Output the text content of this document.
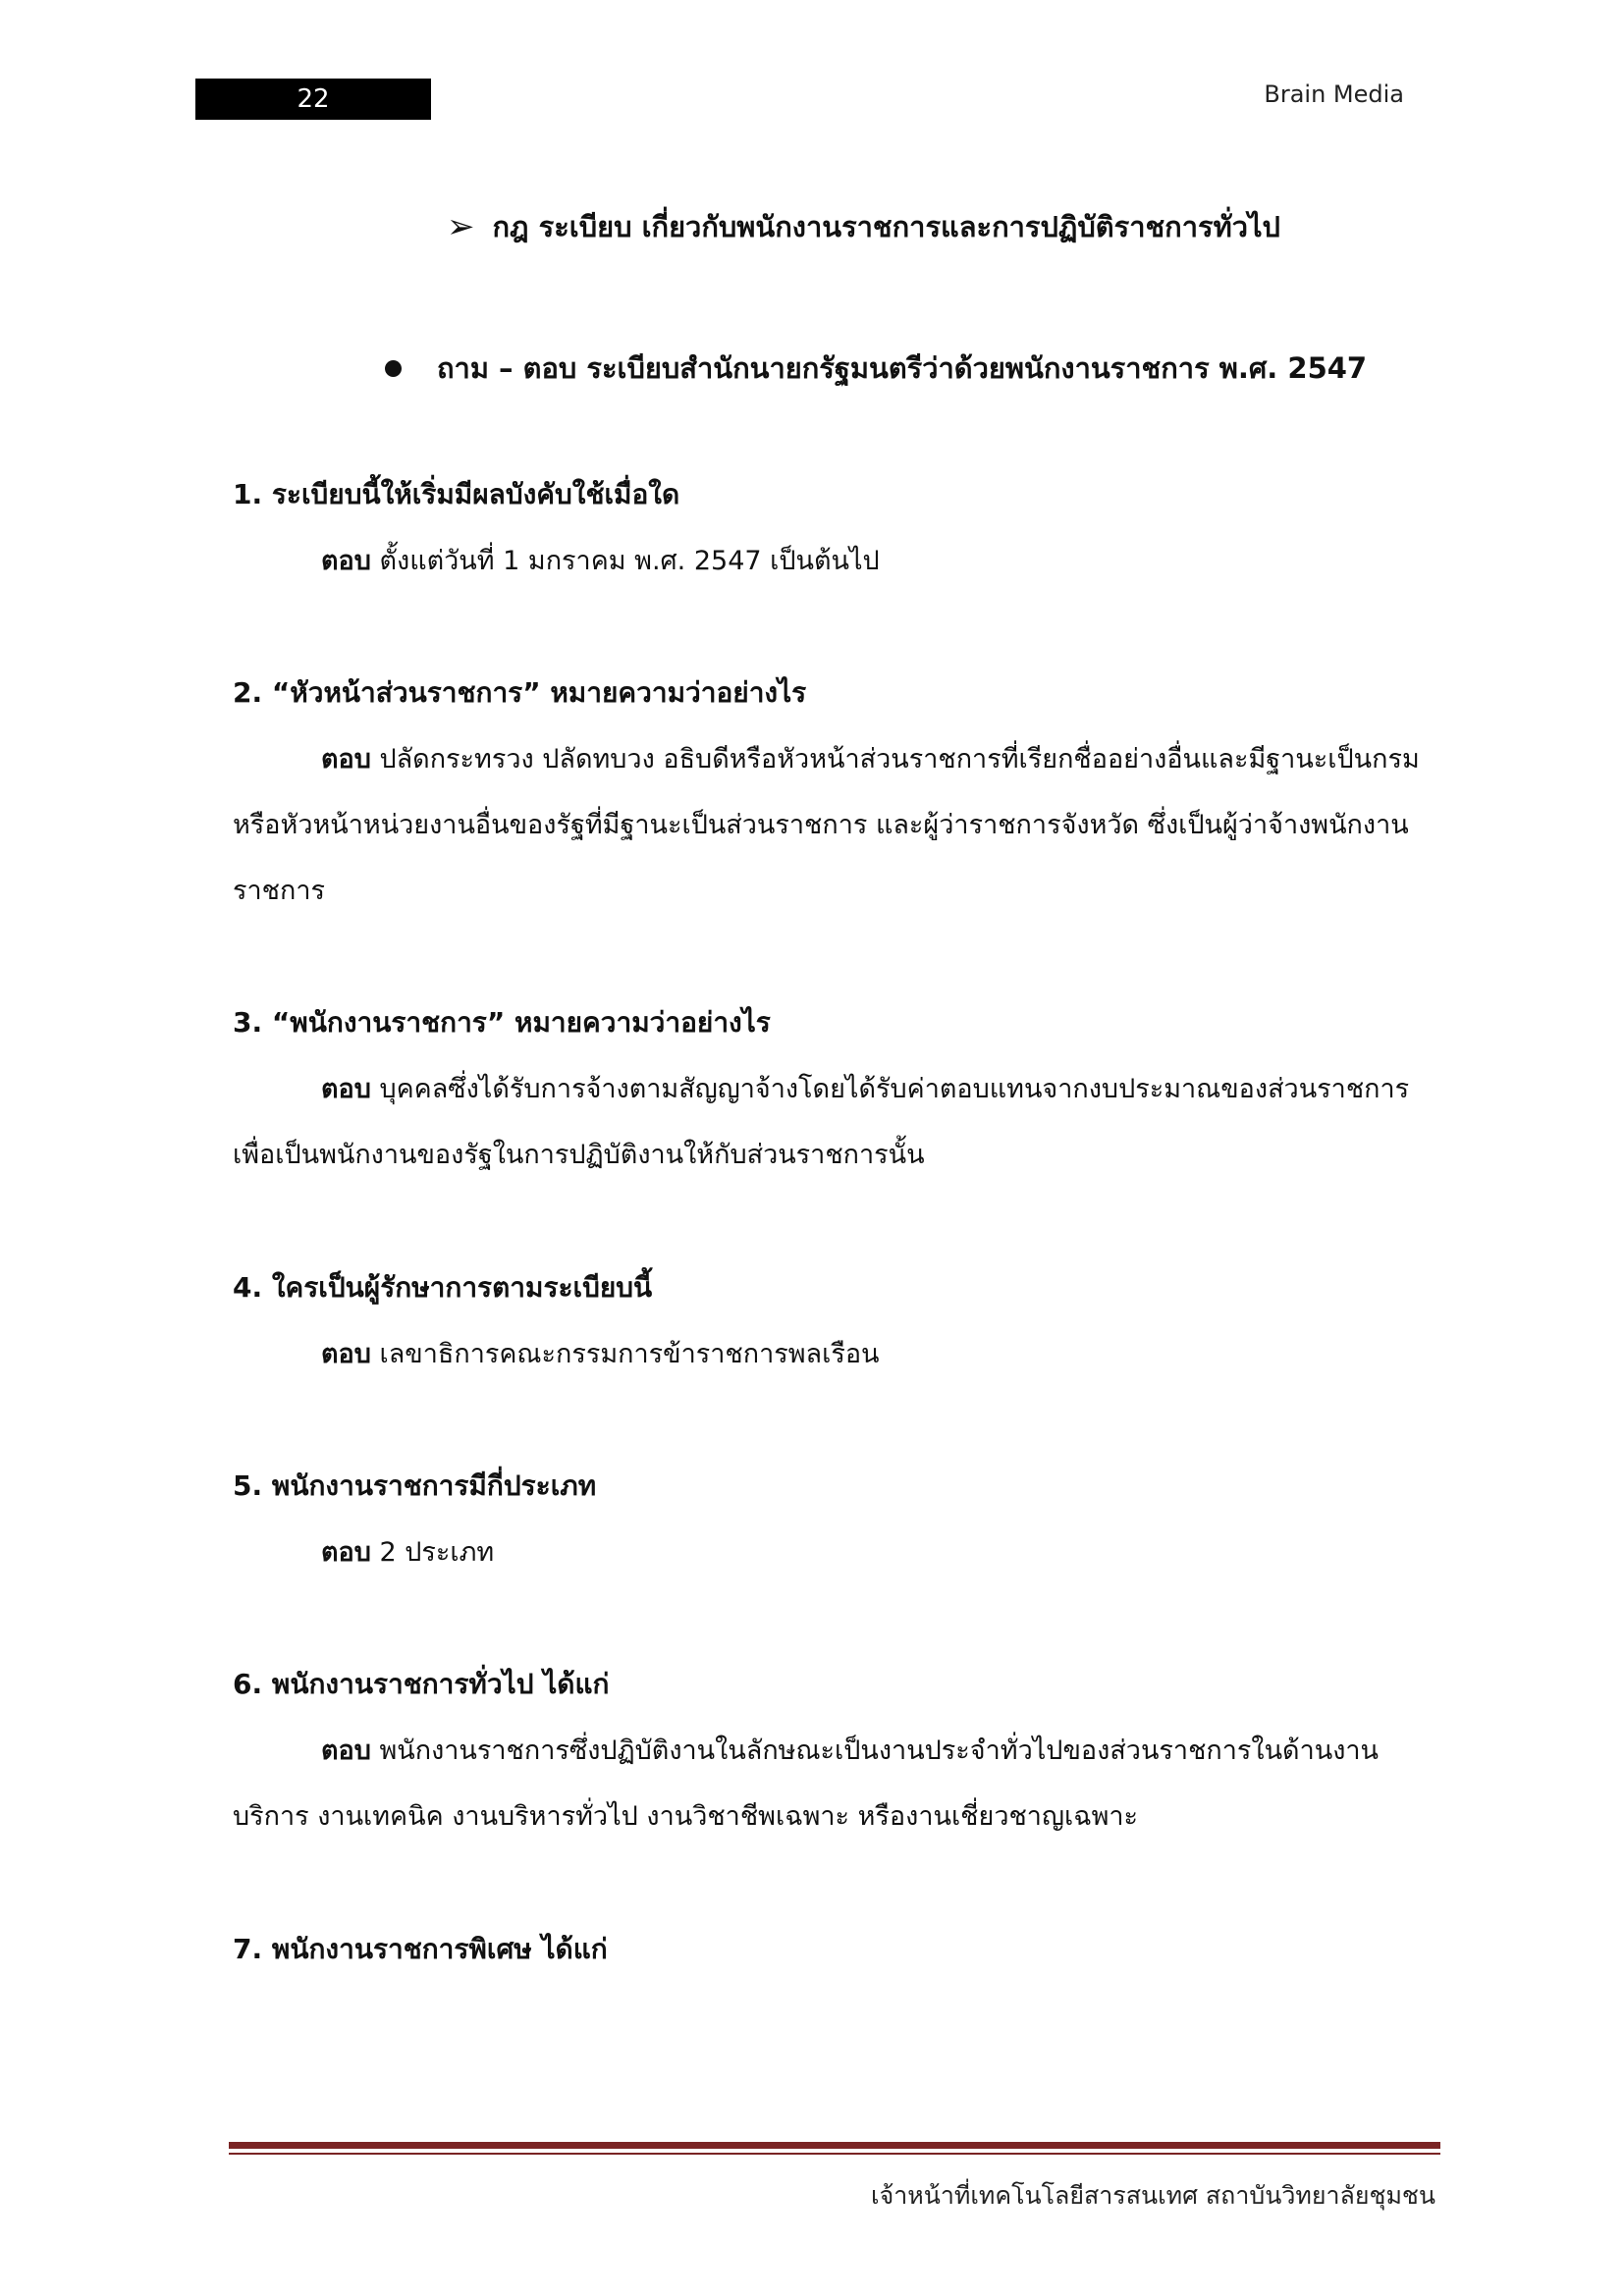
22	Brain Media
➢ กฎ ระเบียบ เกี่ยวกับพนักงานราชการและการปฏิบัติราชการทั่วไป
ถาม – ตอบ ระเบียบสำนักนายกรัฐมนตรีว่าด้วยพนักงานราชการ พ.ศ. 2547
1. ระเบียบนี้ให้เริ่มมีผลบังคับใช้เมื่อใด
ตอบ ตั้งแต่วันที่ 1 มกราคม พ.ศ. 2547 เป็นต้นไป
2. “หัวหน้าส่วนราชการ” หมายความว่าอย่างไร
ตอบ ปลัดกระทรวง ปลัดทบวง อธิบดีหรือหัวหน้าส่วนราชการที่เรียกชื่ออย่างอื่นและมีฐานะเป็นกรม หรือหัวหน้าหน่วยงานอื่นของรัฐที่มีฐานะเป็นส่วนราชการ และผู้ว่าราชการจังหวัด ซึ่งเป็นผู้ว่าจ้างพนักงานราชการ
3. “พนักงานราชการ” หมายความว่าอย่างไร
ตอบ บุคคลซึ่งได้รับการจ้างตามสัญญาจ้างโดยได้รับค่าตอบแทนจากงบประมาณของส่วนราชการเพื่อเป็นพนักงานของรัฐในการปฏิบัติงานให้กับส่วนราชการนั้น
4. ใครเป็นผู้รักษาการตามระเบียบนี้
ตอบ เลขาธิการคณะกรรมการข้าราชการพลเรือน
5. พนักงานราชการมีกี่ประเภท
ตอบ 2 ประเภท
6. พนักงานราชการทั่วไป ได้แก่
ตอบ พนักงานราชการซึ่งปฏิบัติงานในลักษณะเป็นงานประจำทั่วไปของส่วนราชการในด้านงานบริการ งานเทคนิค งานบริหารทั่วไป งานวิชาชีพเฉพาะ หรืองานเชี่ยวชาญเฉพาะ
7. พนักงานราชการพิเศษ ได้แก่
เจ้าหน้าที่เทคโนโลยีสารสนเทศ สถาบันวิทยาลัยชุมชน
